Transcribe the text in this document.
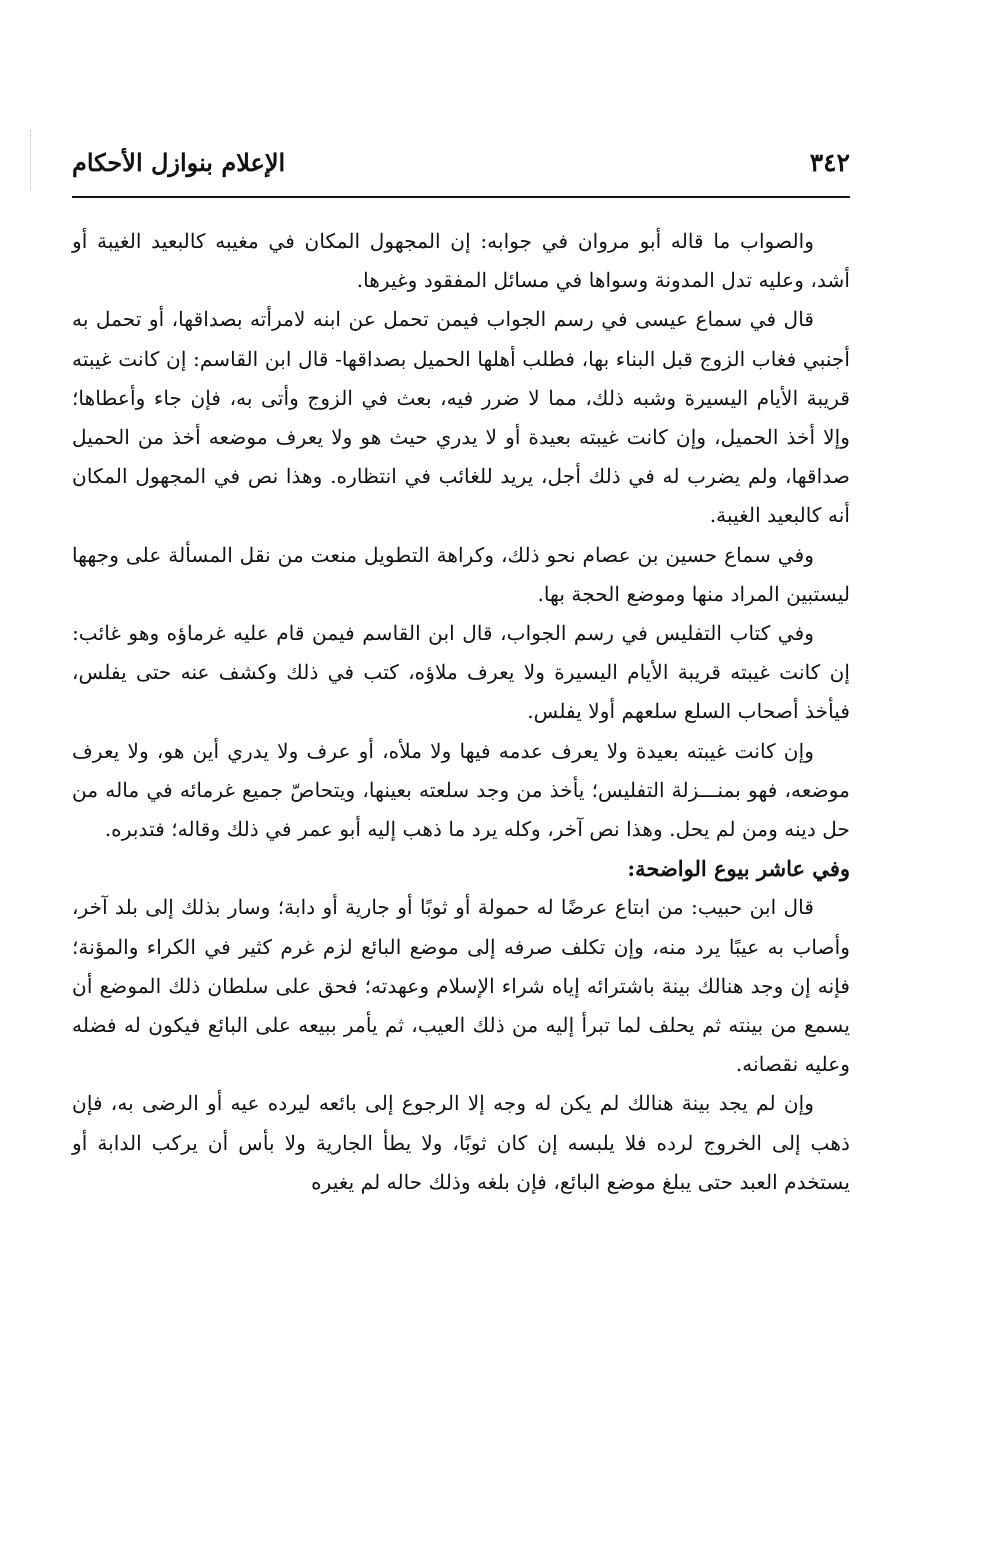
٣٤٢
الإعلام بنوازل الأحكام

والصواب ما قاله أبو مروان في جوابه: إن المجهول المكان في مغيبه كالبعيد الغيبة أو أشد، وعليه تدل المدونة وسواها في مسائل المفقود وغيرها.

قال في سماع عيسى في رسم الجواب فيمن تحمل عن ابنه لامرأته بصداقها، أو تحمل به أجنبي فغاب الزوج قبل البناء بها، فطلب أهلها الحميل بصداقها- قال ابن القاسم: إن كانت غيبته قريبة الأيام اليسيرة وشبه ذلك، مما لا ضرر فيه، بعث في الزوج وأتى به، فإن جاء وأعطاها؛ وإلا أخذ الحميل، وإن كانت غيبته بعيدة أو لا يدري حيث هو ولا يعرف موضعه أخذ من الحميل صداقها، ولم يضرب له في ذلك أجل، يريد للغائب في انتظاره. وهذا نص في المجهول المكان أنه كالبعيد الغيبة.

وفي سماع حسين بن عصام نحو ذلك، وكراهة التطويل منعت من نقل المسألة على وجهها ليستبين المراد منها وموضع الحجة بها.

وفي كتاب التفليس في رسم الجواب، قال ابن القاسم فيمن قام عليه غرماؤه وهو غائب: إن كانت غيبته قريبة الأيام اليسيرة ولا يعرف ملاؤه، كتب في ذلك وكشف عنه حتى يفلس، فيأخذ أصحاب السلع سلعهم أولا يفلس.

وإن كانت غيبته بعيدة ولا يعرف عدمه فيها ولا ملأه، أو عرف ولا يدري أين هو، ولا يعرف موضعه، فهو بمنـــزلة التفليس؛ يأخذ من وجد سلعته بعينها، ويتحاصّ جميع غرمائه في ماله من حل دينه ومن لم يحل. وهذا نص آخر، وكله يرد ما ذهب إليه أبو عمر في ذلك وقاله؛ فتدبره.

وفي عاشر بيوع الواضحة:

قال ابن حبيب: من ابتاع عرضًا له حمولة أو ثوبًا أو جارية أو دابة؛ وسار بذلك إلى بلد آخر، وأصاب به عيبًا يرد منه، وإن تكلف صرفه إلى موضع البائع لزم غرم كثير في الكراء والمؤنة؛ فإنه إن وجد هنالك بينة باشترائه إياه شراء الإسلام وعهدته؛ فحق على سلطان ذلك الموضع أن يسمع من بينته ثم يحلف لما تبرأ إليه من ذلك العيب، ثم يأمر ببيعه على البائع فيكون له فضله وعليه نقصانه.

وإن لم يجد بينة هنالك لم يكن له وجه إلا الرجوع إلى بائعه ليرده عيه أو الرضى به، فإن ذهب إلى الخروج لرده فلا يلبسه إن كان ثوبًا، ولا يطأ الجارية ولا بأس أن يركب الدابة أو يستخدم العبد حتى يبلغ موضع البائع، فإن بلغه وذلك حاله لم يغيره
